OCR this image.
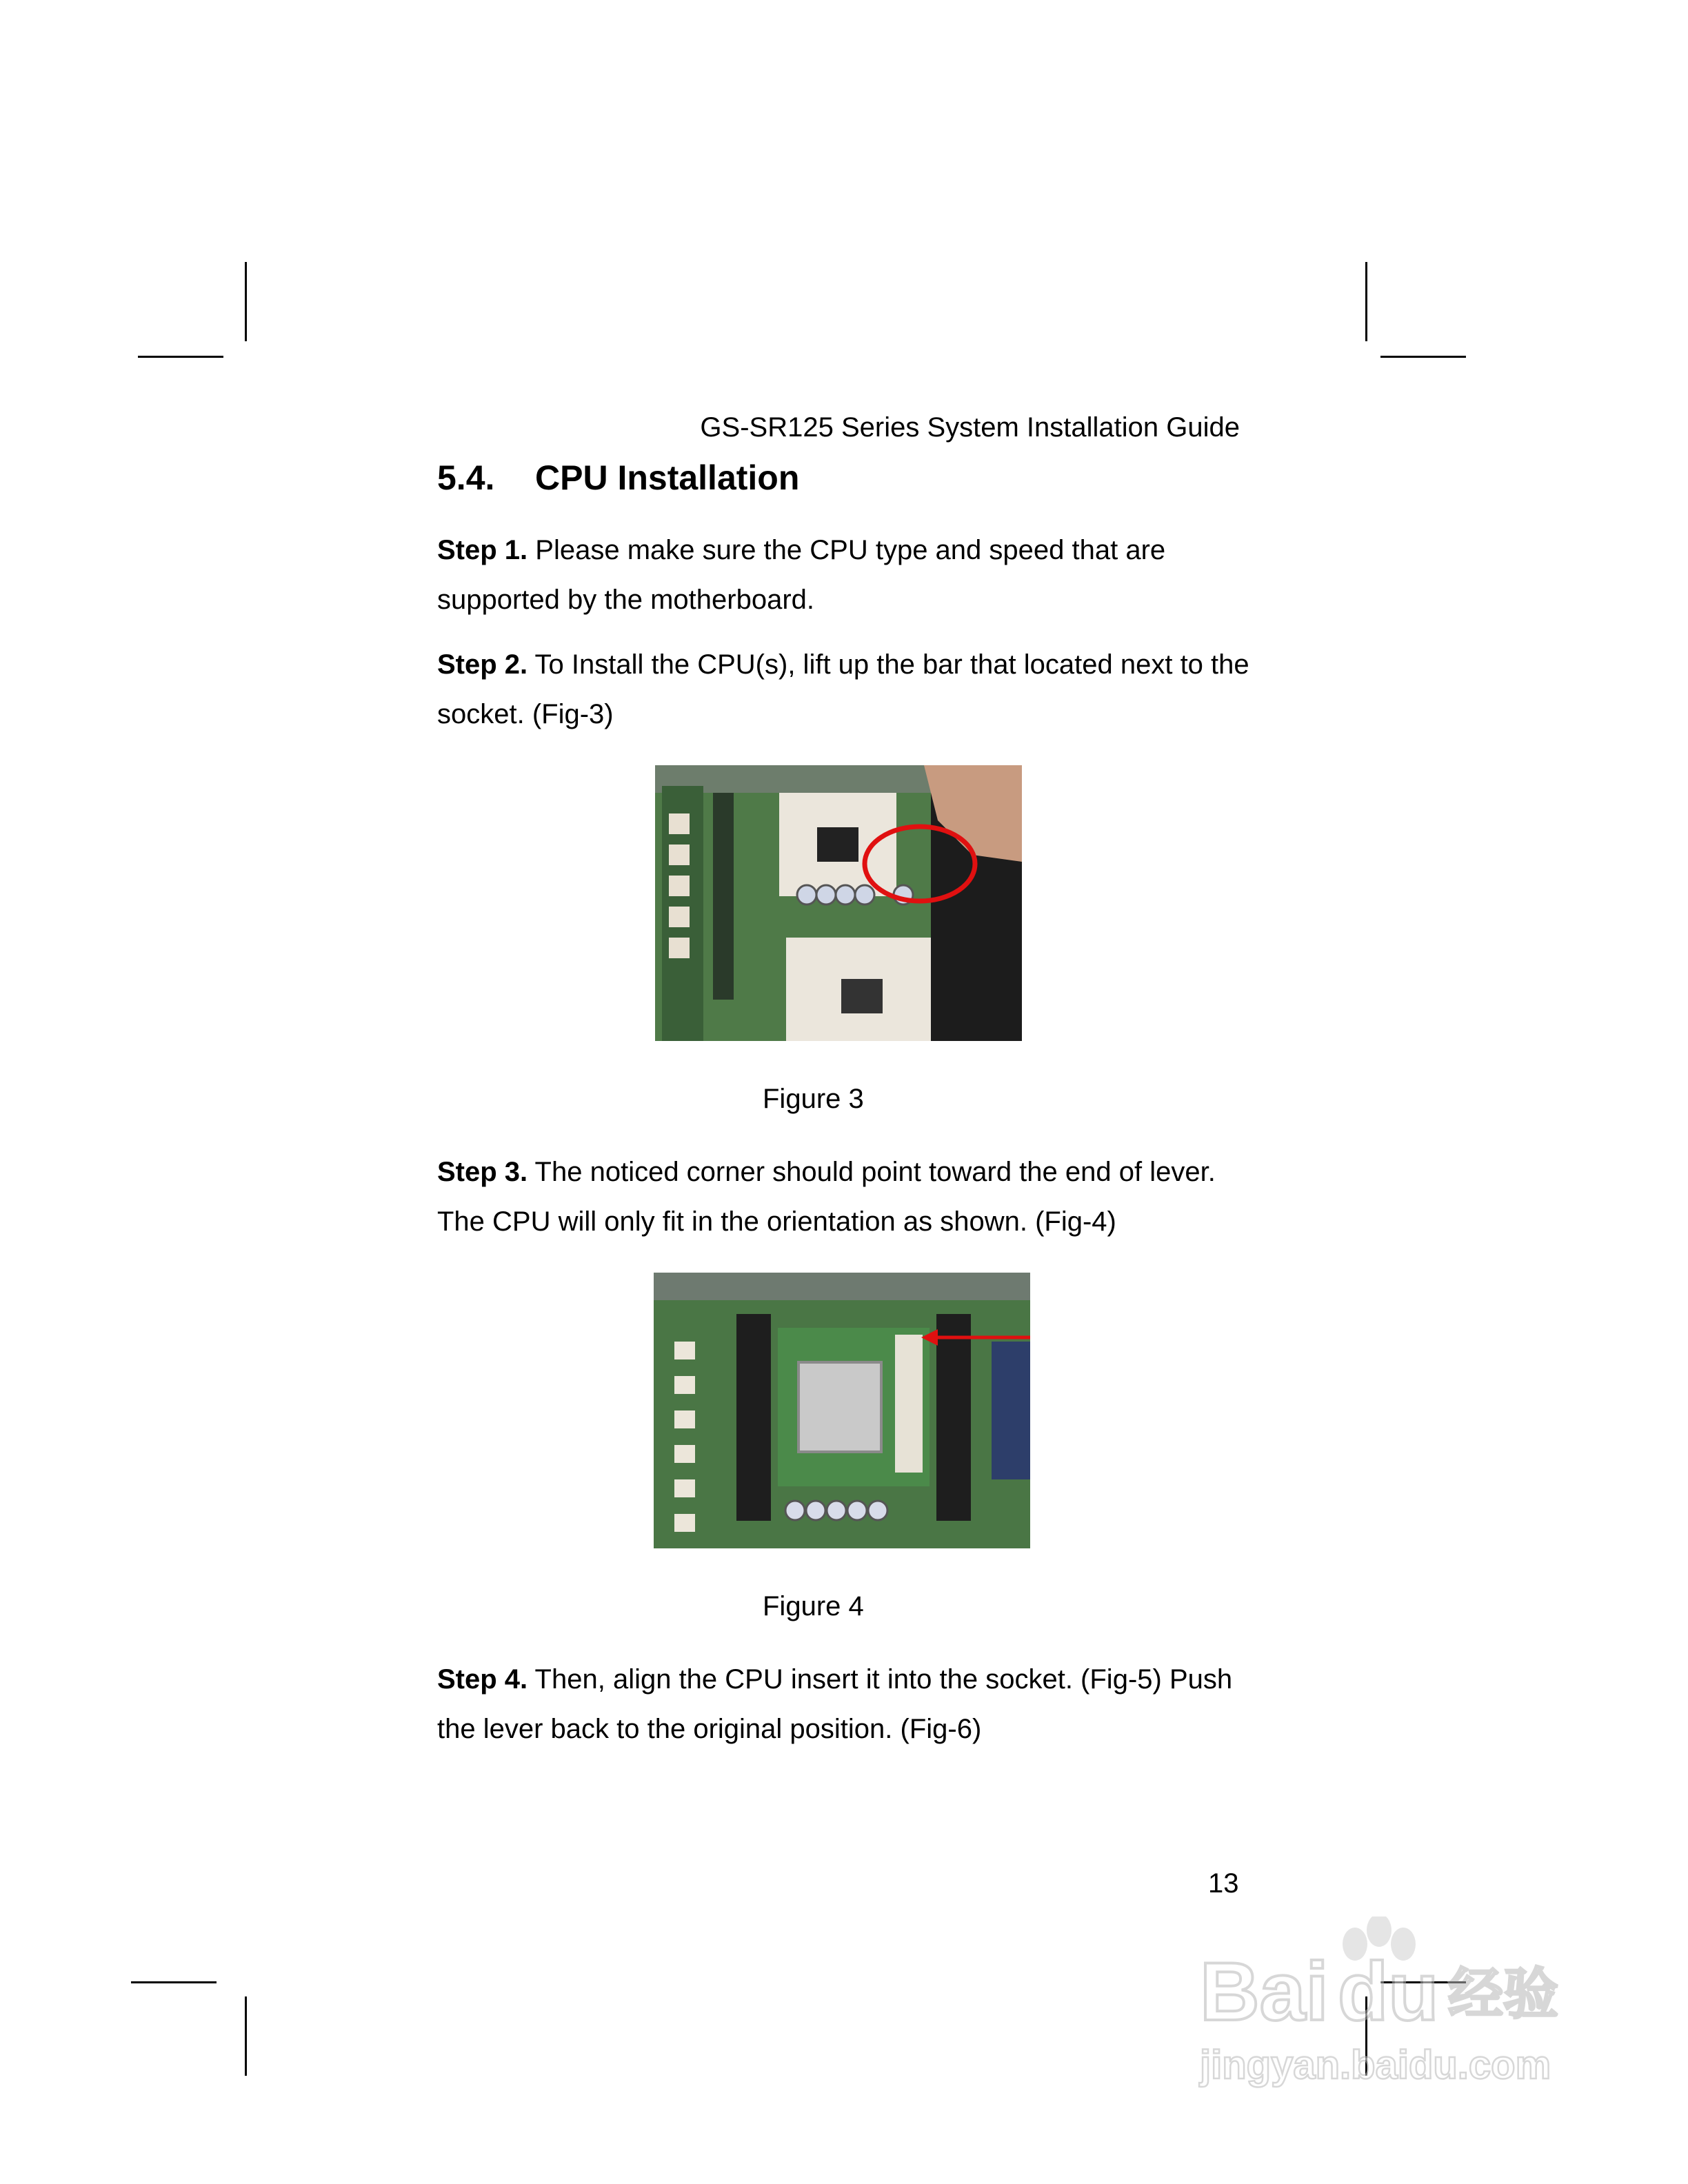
GS-SR125 Series System Installation Guide
5.4. CPU Installation
Step 1. Please make sure the CPU type and speed that are supported by the motherboard.
Step 2. To Install the CPU(s), lift up the bar that located next to the socket. (Fig-3)
Figure 3
Step 3. The noticed corner should point toward the end of lever. The CPU will only fit in the orientation as shown. (Fig-4)
Figure 4
Step 4. Then, align the CPU insert it into the socket. (Fig-5) Push the lever back to the original position. (Fig-6)
13
Bai du 经验
jingyan.baidu.com
